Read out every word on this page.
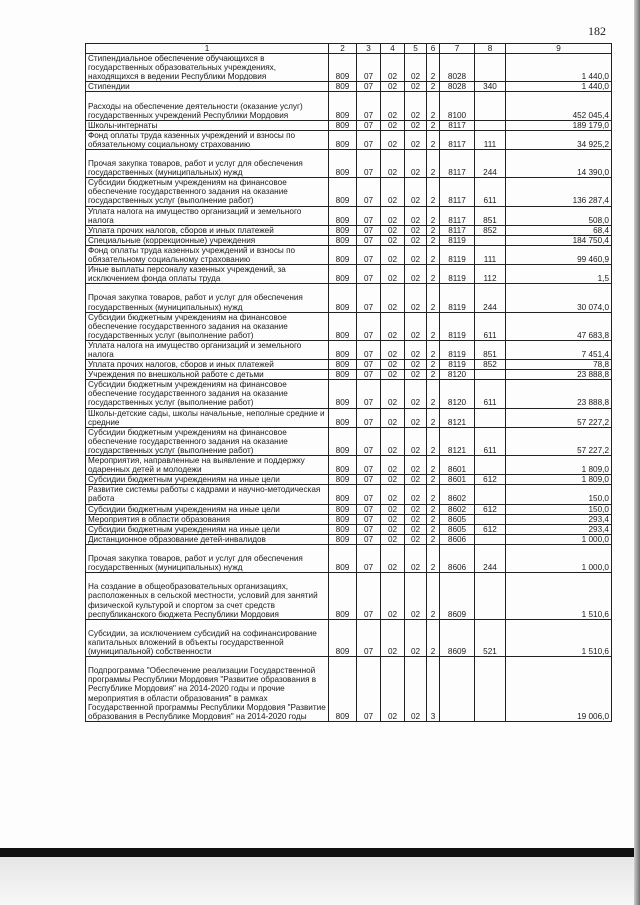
182
1	2	3	4	5	6	7	8	9
Стипендиальное обеспечение обучающихся в государственных образовательных учреждениях, находящихся в ведении Республики Мордовия	809	07	02	02	2	8028		1 440,0
Стипендии	809	07	02	02	2	8028	340	1 440,0
Расходы на обеспечение деятельности (оказание услуг) государственных учреждений Республики Мордовия	809	07	02	02	2	8100		452 045,4
Школы-интернаты	809	07	02	02	2	8117		189 179,0
Фонд оплаты труда казенных учреждений и взносы по обязательному социальному страхованию	809	07	02	02	2	8117	111	34 925,2
Прочая закупка товаров, работ и услуг для обеспечения государственных (муниципальных) нужд	809	07	02	02	2	8117	244	14 390,0
Субсидии бюджетным учреждениям на финансовое обеспечение государственного задания на оказание государственных услуг (выполнение работ)	809	07	02	02	2	8117	611	136 287,4
Уплата налога на имущество организаций и земельного налога	809	07	02	02	2	8117	851	508,0
Уплата прочих налогов, сборов и иных платежей	809	07	02	02	2	8117	852	68,4
Специальные (коррекционные) учреждения	809	07	02	02	2	8119		184 750,4
Фонд оплаты труда казенных учреждений и взносы по обязательному социальному страхованию	809	07	02	02	2	8119	111	99 460,9
Иные выплаты персоналу казенных учреждений, за исключением фонда оплаты труда	809	07	02	02	2	8119	112	1,5
Прочая закупка товаров, работ и услуг для обеспечения государственных (муниципальных) нужд	809	07	02	02	2	8119	244	30 074,0
Субсидии бюджетным учреждениям на финансовое обеспечение государственного задания на оказание государственных услуг (выполнение работ)	809	07	02	02	2	8119	611	47 683,8
Уплата налога на имущество организаций и земельного налога	809	07	02	02	2	8119	851	7 451,4
Уплата прочих налогов, сборов и иных платежей	809	07	02	02	2	8119	852	78,8
Учреждения по внешкольной работе с детьми	809	07	02	02	2	8120		23 888,8
Субсидии бюджетным учреждениям на финансовое обеспечение государственного задания на оказание государственных услуг (выполнение работ)	809	07	02	02	2	8120	611	23 888,8
Школы-детские сады, школы начальные, неполные средние и средние	809	07	02	02	2	8121		57 227,2
Субсидии бюджетным учреждениям на финансовое обеспечение государственного задания на оказание государственных услуг (выполнение работ)	809	07	02	02	2	8121	611	57 227,2
Мероприятия, направленные на выявление и поддержку одаренных детей и молодежи	809	07	02	02	2	8601		1 809,0
Субсидии бюджетным учреждениям на иные цели	809	07	02	02	2	8601	612	1 809,0
Развитие системы работы с кадрами и научно-методическая работа	809	07	02	02	2	8602		150,0
Субсидии бюджетным учреждениям на иные цели	809	07	02	02	2	8602	612	150,0
Мероприятия в области образования	809	07	02	02	2	8605		293,4
Субсидии бюджетным учреждениям на иные цели	809	07	02	02	2	8605	612	293,4
Дистанционное образование детей-инвалидов	809	07	02	02	2	8606		1 000,0
Прочая закупка товаров, работ и услуг для обеспечения государственных (муниципальных) нужд	809	07	02	02	2	8606	244	1 000,0
На создание в общеобразовательных организациях, расположенных в сельской местности, условий для занятий физической культурой и спортом за счет средств республиканского бюджета Республики Мордовия	809	07	02	02	2	8609		1 510,6
Субсидии, за исключением субсидий на софинансирование капитальных вложений в объекты государственной (муниципальной) собственности	809	07	02	02	2	8609	521	1 510,6
Подпрограмма "Обеспечение реализации Государственной программы Республики Мордовия "Развитие образования в Республике Мордовия" на 2014-2020 годы и прочие мероприятия в области образования" в рамках Государственной программы Республики Мордовия "Развитие образования в Республике Мордовия" на 2014-2020 годы	809	07	02	02	3			19 006,0
